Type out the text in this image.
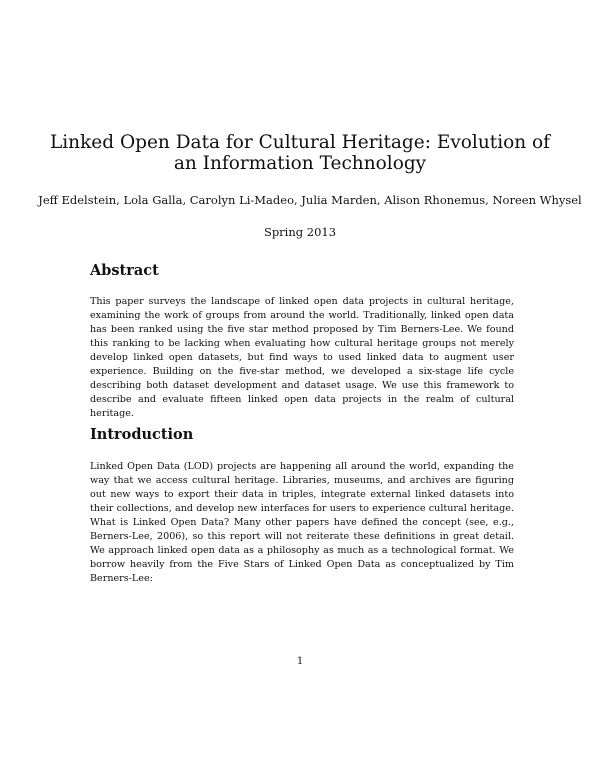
Linked Open Data for Cultural Heritage: Evolution of an Information Technology
Jeff Edelstein, Lola Galla, Carolyn Li-Madeo, Julia Marden, Alison Rhonemus, Noreen Whysel
Spring 2013
Abstract

This paper surveys the landscape of linked open data projects in cultural heritage, examining the work of groups from around the world. Traditionally, linked open data has been ranked using the five star method proposed by Tim Berners-Lee. We found this ranking to be lacking when evaluating how cultural heritage groups not merely develop linked open datasets, but find ways to used linked data to augment user experience. Building on the five-star method, we developed a six-stage life cycle describing both dataset development and dataset usage. We use this framework to describe and evaluate fifteen linked open data projects in the realm of cultural heritage.

Introduction

Linked Open Data (LOD) projects are happening all around the world, expanding the way that we access cultural heritage. Libraries, museums, and archives are figuring out new ways to export their data in triples, integrate external linked datasets into their collections, and develop new interfaces for users to experience cultural heritage. What is Linked Open Data? Many other papers have defined the concept (see, e.g., Berners-Lee, 2006), so this report will not reiterate these definitions in great detail. We approach linked open data as a philosophy as much as a technological format. We borrow heavily from the Five Stars of Linked Open Data as conceptualized by Tim Berners-Lee:

1
